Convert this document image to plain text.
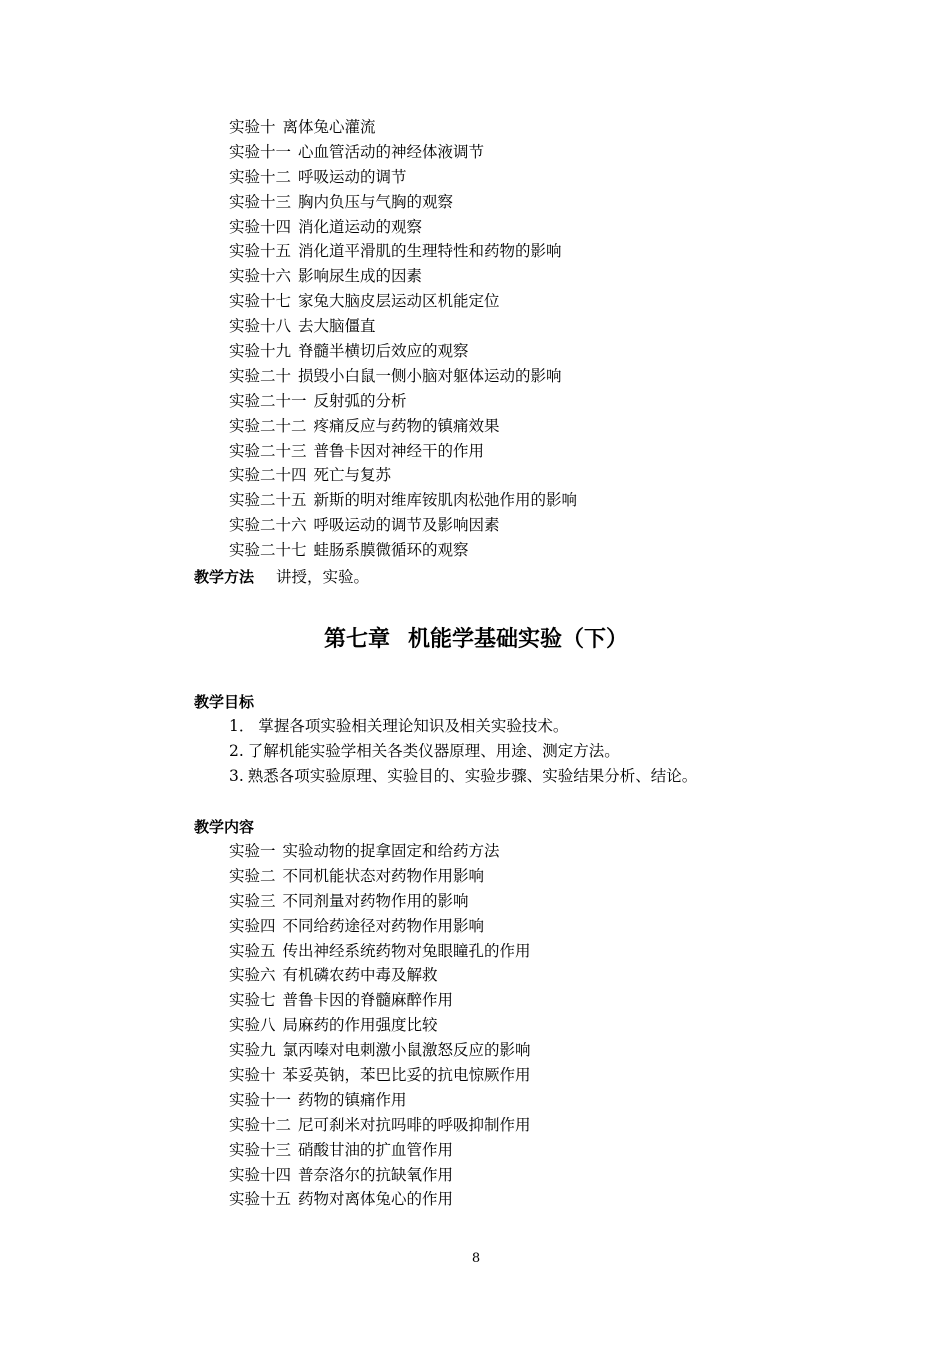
实验十 离体兔心灌流
实验十一 心血管活动的神经体液调节
实验十二 呼吸运动的调节
实验十三 胸内负压与气胸的观察
实验十四 消化道运动的观察
实验十五 消化道平滑肌的生理特性和药物的影响
实验十六 影响尿生成的因素
实验十七 家兔大脑皮层运动区机能定位
实验十八 去大脑僵直
实验十九 脊髓半横切后效应的观察
实验二十 损毁小白鼠一侧小脑对躯体运动的影响
实验二十一 反射弧的分析
实验二十二 疼痛反应与药物的镇痛效果
实验二十三 普鲁卡因对神经干的作用
实验二十四 死亡与复苏
实验二十五 新斯的明对维库铵肌肉松弛作用的影响
实验二十六 呼吸运动的调节及影响因素
实验二十七 蛙肠系膜微循环的观察
教学方法 讲授，实验。
第七章 机能学基础实验（下）
教学目标
1． 掌握各项实验相关理论知识及相关实验技术。
2. 了解机能实验学相关各类仪器原理、用途、测定方法。
3. 熟悉各项实验原理、实验目的、实验步骤、实验结果分析、结论。
教学内容
实验一 实验动物的捉拿固定和给药方法
实验二 不同机能状态对药物作用影响
实验三 不同剂量对药物作用的影响
实验四 不同给药途径对药物作用影响
实验五 传出神经系统药物对兔眼瞳孔的作用
实验六 有机磷农药中毒及解救
实验七 普鲁卡因的脊髓麻醉作用
实验八 局麻药的作用强度比较
实验九 氯丙嗪对电刺激小鼠激怒反应的影响
实验十 苯妥英钠，苯巴比妥的抗电惊厥作用
实验十一 药物的镇痛作用
实验十二 尼可刹米对抗吗啡的呼吸抑制作用
实验十三 硝酸甘油的扩血管作用
实验十四 普奈洛尔的抗缺氧作用
实验十五 药物对离体兔心的作用
8
